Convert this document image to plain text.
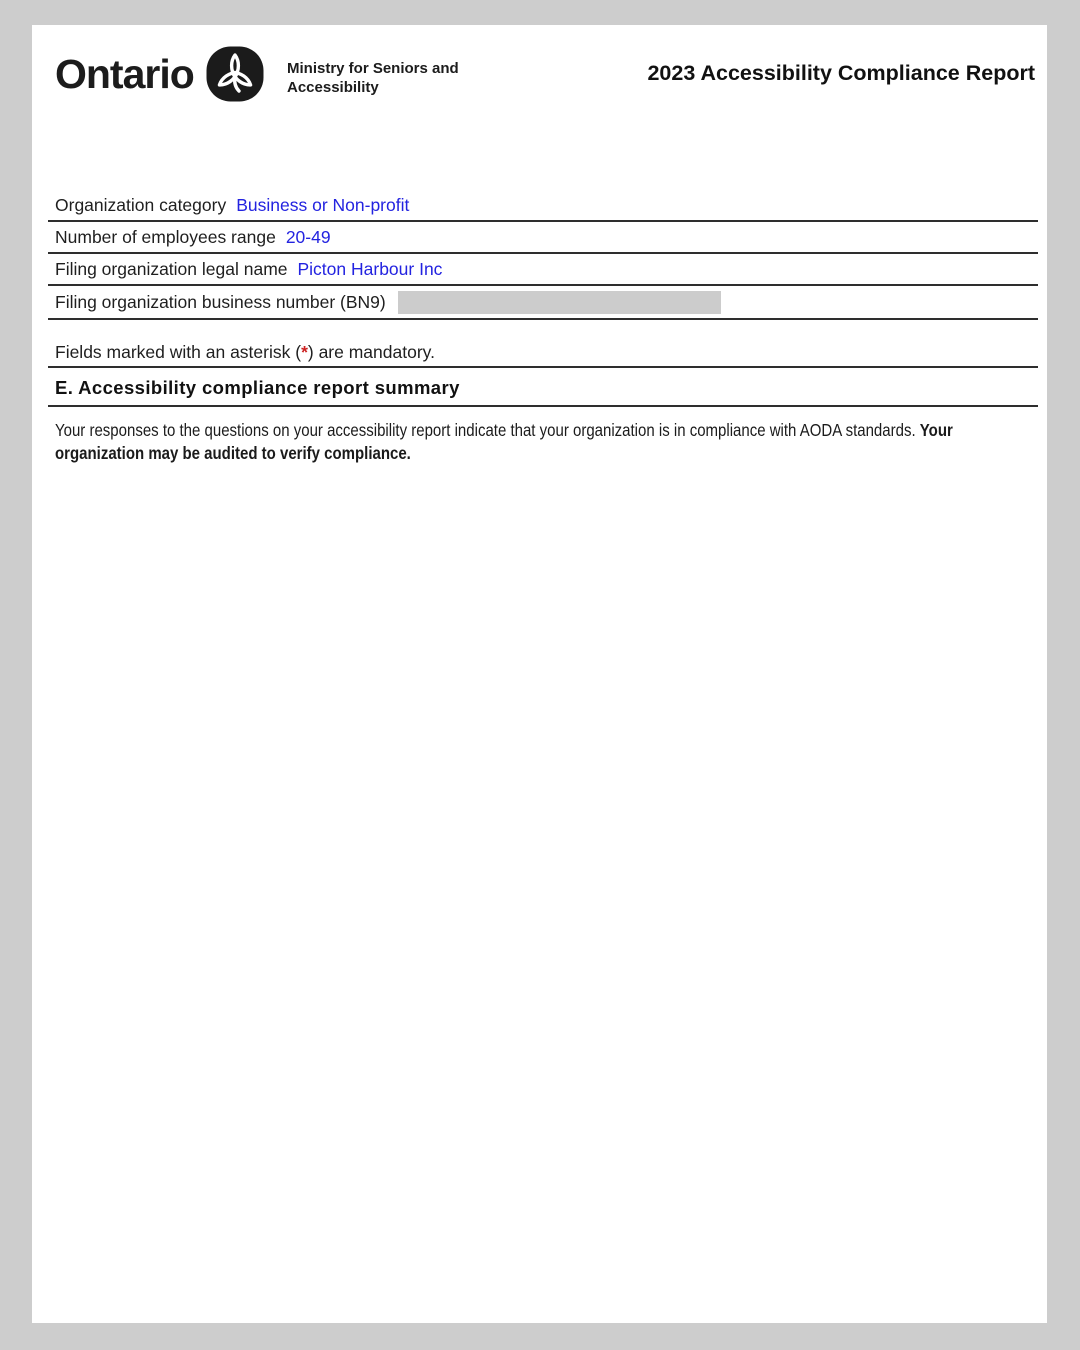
Ontario	Ministry for Seniors and
Accessibility
2023 Accessibility Compliance Report
Organization category Business or Non-profit
Number of employees range 20-49
Filing organization legal name Picton Harbour Inc
Filing organization business number (BN9)
Fields marked with an asterisk (*) are mandatory.
E. Accessibility compliance report summary
Your responses to the questions on your accessibility report indicate that your organization is in compliance with AODA standards. Your organization may be audited to verify compliance.
